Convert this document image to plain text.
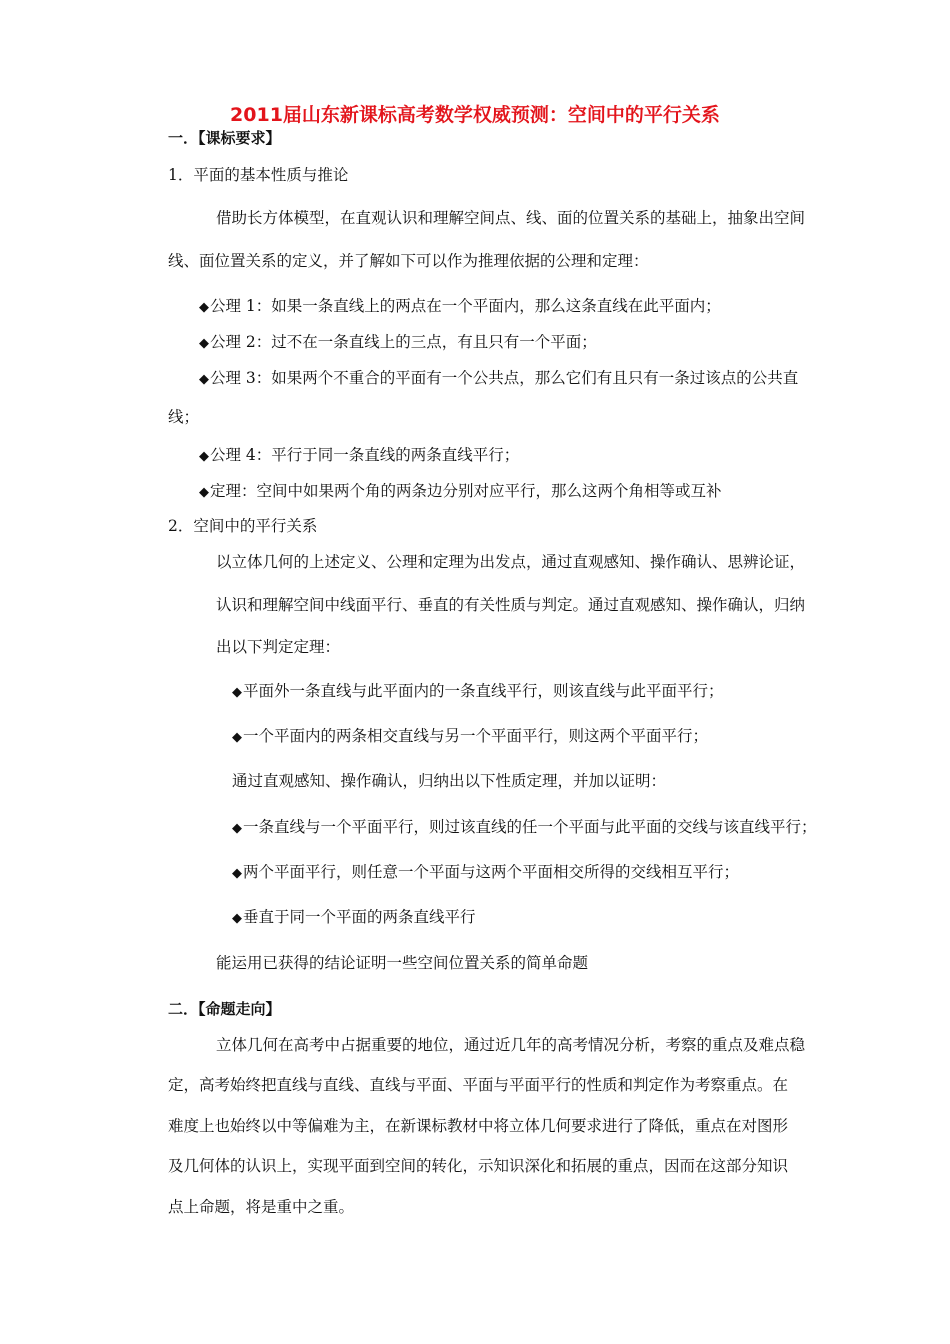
2011届山东新课标高考数学权威预测：空间中的平行关系
一．【课标要求】
1．平面的基本性质与推论
借助长方体模型，在直观认识和理解空间点、线、面的位置关系的基础上，抽象出空间
线、面位置关系的定义，并了解如下可以作为推理依据的公理和定理：
◆公理 1：如果一条直线上的两点在一个平面内，那么这条直线在此平面内；
◆公理 2：过不在一条直线上的三点，有且只有一个平面；
◆公理 3：如果两个不重合的平面有一个公共点，那么它们有且只有一条过该点的公共直
线；
◆公理 4：平行于同一条直线的两条直线平行；
◆定理：空间中如果两个角的两条边分别对应平行，那么这两个角相等或互补
2．空间中的平行关系
以立体几何的上述定义、公理和定理为出发点，通过直观感知、操作确认、思辨论证，
认识和理解空间中线面平行、垂直的有关性质与判定。通过直观感知、操作确认，归纳
出以下判定定理：
◆平面外一条直线与此平面内的一条直线平行，则该直线与此平面平行；
◆一个平面内的两条相交直线与另一个平面平行，则这两个平面平行；
通过直观感知、操作确认，归纳出以下性质定理，并加以证明：
◆一条直线与一个平面平行，则过该直线的任一个平面与此平面的交线与该直线平行；
◆两个平面平行，则任意一个平面与这两个平面相交所得的交线相互平行；
◆垂直于同一个平面的两条直线平行
能运用已获得的结论证明一些空间位置关系的简单命题
二．【命题走向】
立体几何在高考中占据重要的地位，通过近几年的高考情况分析，考察的重点及难点稳
定，高考始终把直线与直线、直线与平面、平面与平面平行的性质和判定作为考察重点。在
难度上也始终以中等偏难为主，在新课标教材中将立体几何要求进行了降低，重点在对图形
及几何体的认识上，实现平面到空间的转化，示知识深化和拓展的重点，因而在这部分知识
点上命题，将是重中之重。
